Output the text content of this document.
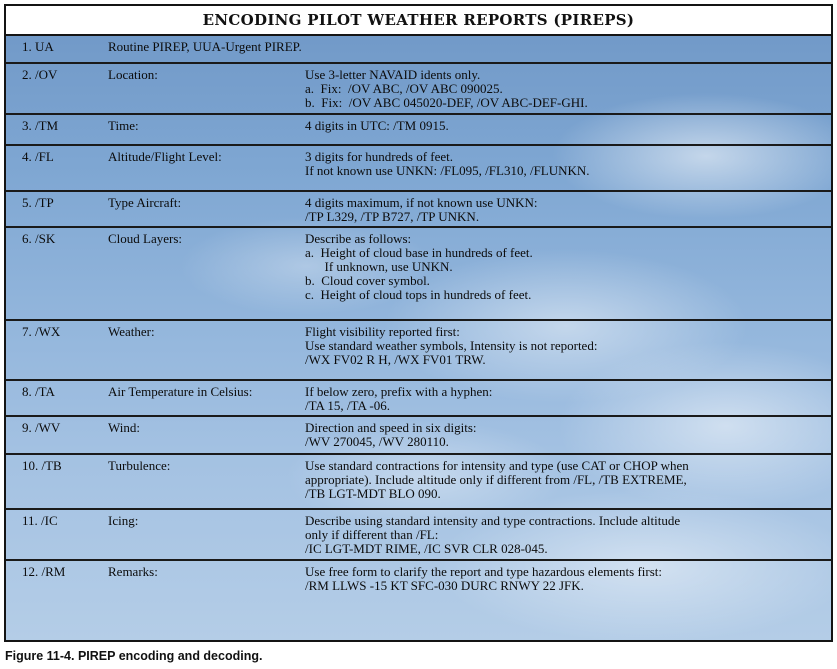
ENCODING PILOT WEATHER REPORTS (PIREPS)
1. UA	Routine PIREP, UUA-Urgent PIREP.
2. /OV	Location:	Use 3-letter NAVAID idents only.
a.  Fix:  /OV ABC, /OV ABC 090025.
b.  Fix:  /OV ABC 045020-DEF, /OV ABC-DEF-GHI.
3. /TM	Time:	4 digits in UTC: /TM 0915.
4. /FL	Altitude/Flight Level:	3 digits for hundreds of feet.
If not known use UNKN: /FL095, /FL310, /FLUNKN.
5. /TP	Type Aircraft:	4 digits maximum, if not known use UNKN:
/TP L329, /TP B727, /TP UNKN.
6. /SK	Cloud Layers:	Describe as follows:
a.  Height of cloud base in hundreds of feet.
If unknown, use UNKN.
b.  Cloud cover symbol.
c.  Height of cloud tops in hundreds of feet.
7. /WX	Weather:	Flight visibility reported first:
Use standard weather symbols, Intensity is not reported:
/WX FV02 R H, /WX FV01 TRW.
8. /TA	Air Temperature in Celsius:	If below zero, prefix with a hyphen:
/TA 15, /TA -06.
9. /WV	Wind:	Direction and speed in six digits:
/WV 270045, /WV 280110.
10. /TB	Turbulence:	Use standard contractions for intensity and type (use CAT or CHOP when
appropriate). Include altitude only if different from /FL, /TB EXTREME,
/TB LGT-MDT BLO 090.
11. /IC	Icing:	Describe using standard intensity and type contractions. Include altitude
only if different than /FL:
/IC LGT-MDT RIME, /IC SVR CLR 028-045.
12. /RM	Remarks:	Use free form to clarify the report and type hazardous elements first:
/RM LLWS -15 KT SFC-030 DURC RNWY 22 JFK.
Figure 11-4. PIREP encoding and decoding.
